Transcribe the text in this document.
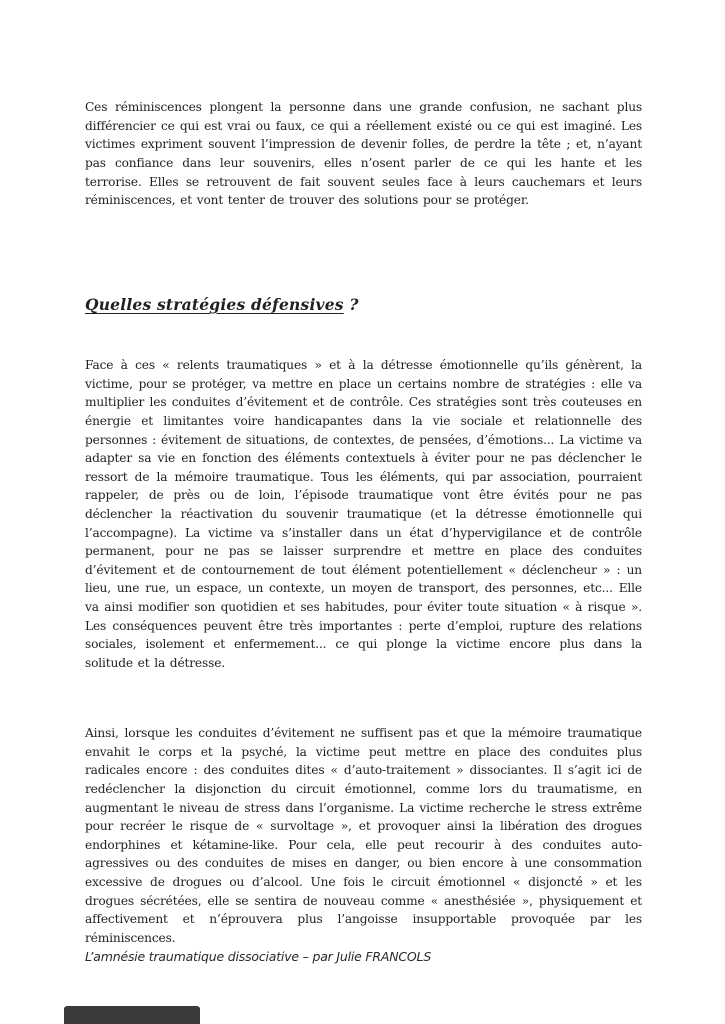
Ces réminiscences plongent la personne dans une grande confusion, ne sachant plus différencier ce qui est vrai ou faux, ce qui a réellement existé ou ce qui est imaginé. Les victimes expriment souvent l’impression de devenir folles, de perdre la tête ; et, n’ayant pas confiance dans leur souvenirs, elles n’osent parler de ce qui les hante et les terrorise. Elles se retrouvent de fait souvent seules face à leurs cauchemars et leurs réminiscences, et vont tenter de trouver des solutions pour se protéger.

Quelles stratégies défensives ?

Face à ces « relents traumatiques » et à la détresse émotionnelle qu’ils génèrent, la victime, pour se protéger, va mettre en place un certains nombre de stratégies : elle va multiplier les conduites d’évitement et de contrôle. Ces stratégies sont très couteuses en énergie et limitantes voire handicapantes dans la vie sociale et relationnelle des personnes : évitement de situations, de contextes, de pensées, d’émotions... La victime va adapter sa vie en fonction des éléments contextuels à éviter pour ne pas déclencher le ressort de la mémoire traumatique. Tous les éléments, qui par association, pourraient rappeler, de près ou de loin, l’épisode traumatique vont être évités pour ne pas déclencher la réactivation du souvenir traumatique (et la détresse émotionnelle qui l’accompagne). La victime va s’installer dans un état d’hypervigilance et de contrôle permanent, pour ne pas se laisser surprendre et mettre en place des conduites d’évitement et de contournement de tout élément potentiellement « déclencheur » : un lieu, une rue, un espace, un contexte, un moyen de transport, des personnes, etc... Elle va ainsi modifier son quotidien et ses habitudes, pour éviter toute situation « à risque ». Les conséquences peuvent être très importantes : perte d’emploi, rupture des relations sociales, isolement et enfermement... ce qui plonge la victime encore plus dans la solitude et la détresse.

Ainsi, lorsque les conduites d’évitement ne suffisent pas et que la mémoire traumatique envahit le corps et la psyché, la victime peut mettre en place des conduites plus radicales encore : des conduites dites « d’auto-traitement » dissociantes. Il s’agit ici de redéclencher la disjonction du circuit émotionnel, comme lors du traumatisme, en augmentant le niveau de stress dans l’organisme. La victime recherche le stress extrême pour recréer le risque de « survoltage », et provoquer ainsi la libération des drogues endorphines et kétamine-like. Pour cela, elle peut recourir à des conduites auto-agressives ou des conduites de mises en danger, ou bien encore à une consommation excessive de drogues ou d’alcool. Une fois le circuit émotionnel « disjoncté » et les drogues sécrétées, elle se sentira de nouveau comme « anesthésiée », physiquement et affectivement et n’éprouvera plus l’angoisse insupportable provoquée par les réminiscences.

L’amnésie traumatique dissociative – par Julie FRANCOLS
